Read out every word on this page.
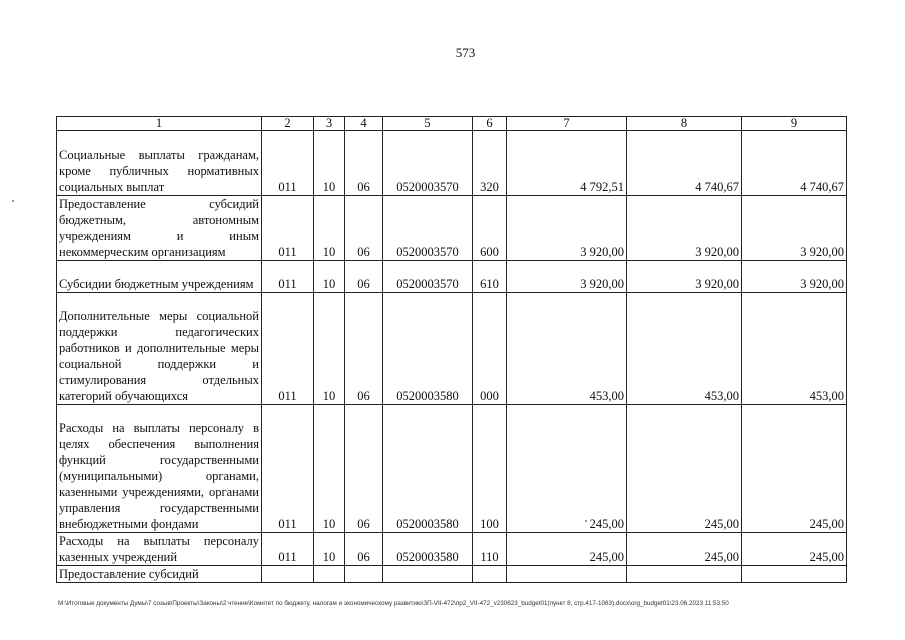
573
1	2	3	4	5	6	7	8	9
Социальные выплаты гражданам, кроме публичных нормативных социальных выплат	011	10	06	0520003570	320	4 792,51	4 740,67	4 740,67
Предоставление субсидий бюджетным, автономным учреждениям и иным некоммерческим организациям	011	10	06	0520003570	600	3 920,00	3 920,00	3 920,00
Субсидии бюджетным учреждениям	011	10	06	0520003570	610	3 920,00	3 920,00	3 920,00
Дополнительные меры социальной поддержки педагогических работников и дополнительные меры социальной поддержки и стимулирования отдельных категорий обучающихся	011	10	06	0520003580	000	453,00	453,00	453,00
Расходы на выплаты персоналу в целях обеспечения выполнения функций государственными (муниципальными) органами, казенными учреждениями, органами управления государственными внебюджетными фондами	011	10	06	0520003580	100	245,00	245,00	245,00
Расходы на выплаты персоналу казенных учреждений	011	10	06	0520003580	110	245,00	245,00	245,00
Предоставление субсидий								
M:\Итоговые документы Думы\7 созыв\Проекты\Законы\2 чтение\Комитет по бюджету, налогам и экономическому развитию\ЗП-VII-472\пр2_VII-472_v230623_budget01(пункт 8, стр.417-1063).docx\org_budget01\23.06.2023 11:53:50
